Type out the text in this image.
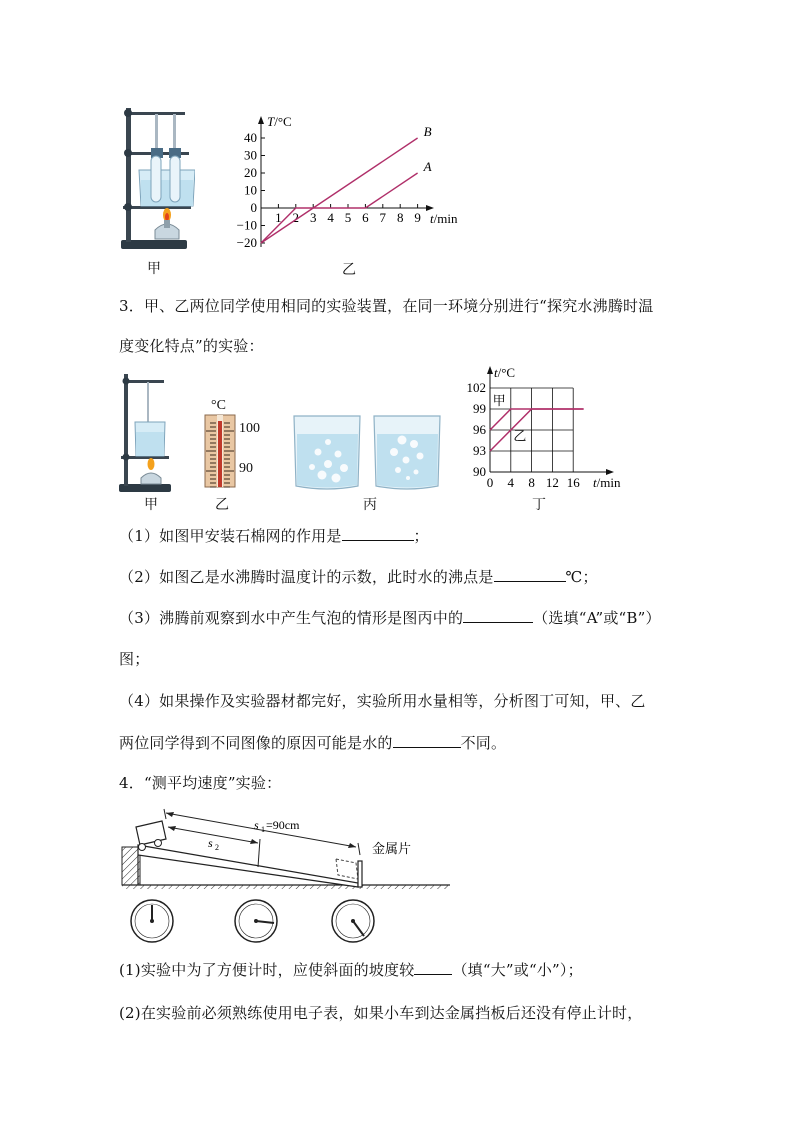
甲
40
30
20
10
0
−10
−20
1 2 3 4 5 6 7 8 9
T/°C
t/min
B
A
乙
3．甲、乙两位同学使用相同的实验装置，在同一环境分别进行“探究水沸腾时温
度变化特点”的实验：
°C
100
90
102
99
96
93
90
0 4 8 12 16
t/°C
t/min
甲
乙
甲	乙	丙	丁
（1）如图甲安装石棉网的作用是	；
（2）如图乙是水沸腾时温度计的示数，此时水的沸点是	℃；
（3）沸腾前观察到水中产生气泡的情形是图丙中的	（选填“A”或“B”）
图；
（4）如果操作及实验器材都完好，实验所用水量相等，分析图丁可知，甲、乙
两位同学得到不同图像的原因可能是水的	不同。
4．“测平均速度”实验：
金属片
s 1 =90cm
s 2
(1)实验中为了方便计时，应使斜面的坡度较	（填“大”或“小”）；
(2)在实验前必须熟练使用电子表，如果小车到达金属挡板后还没有停止计时，
